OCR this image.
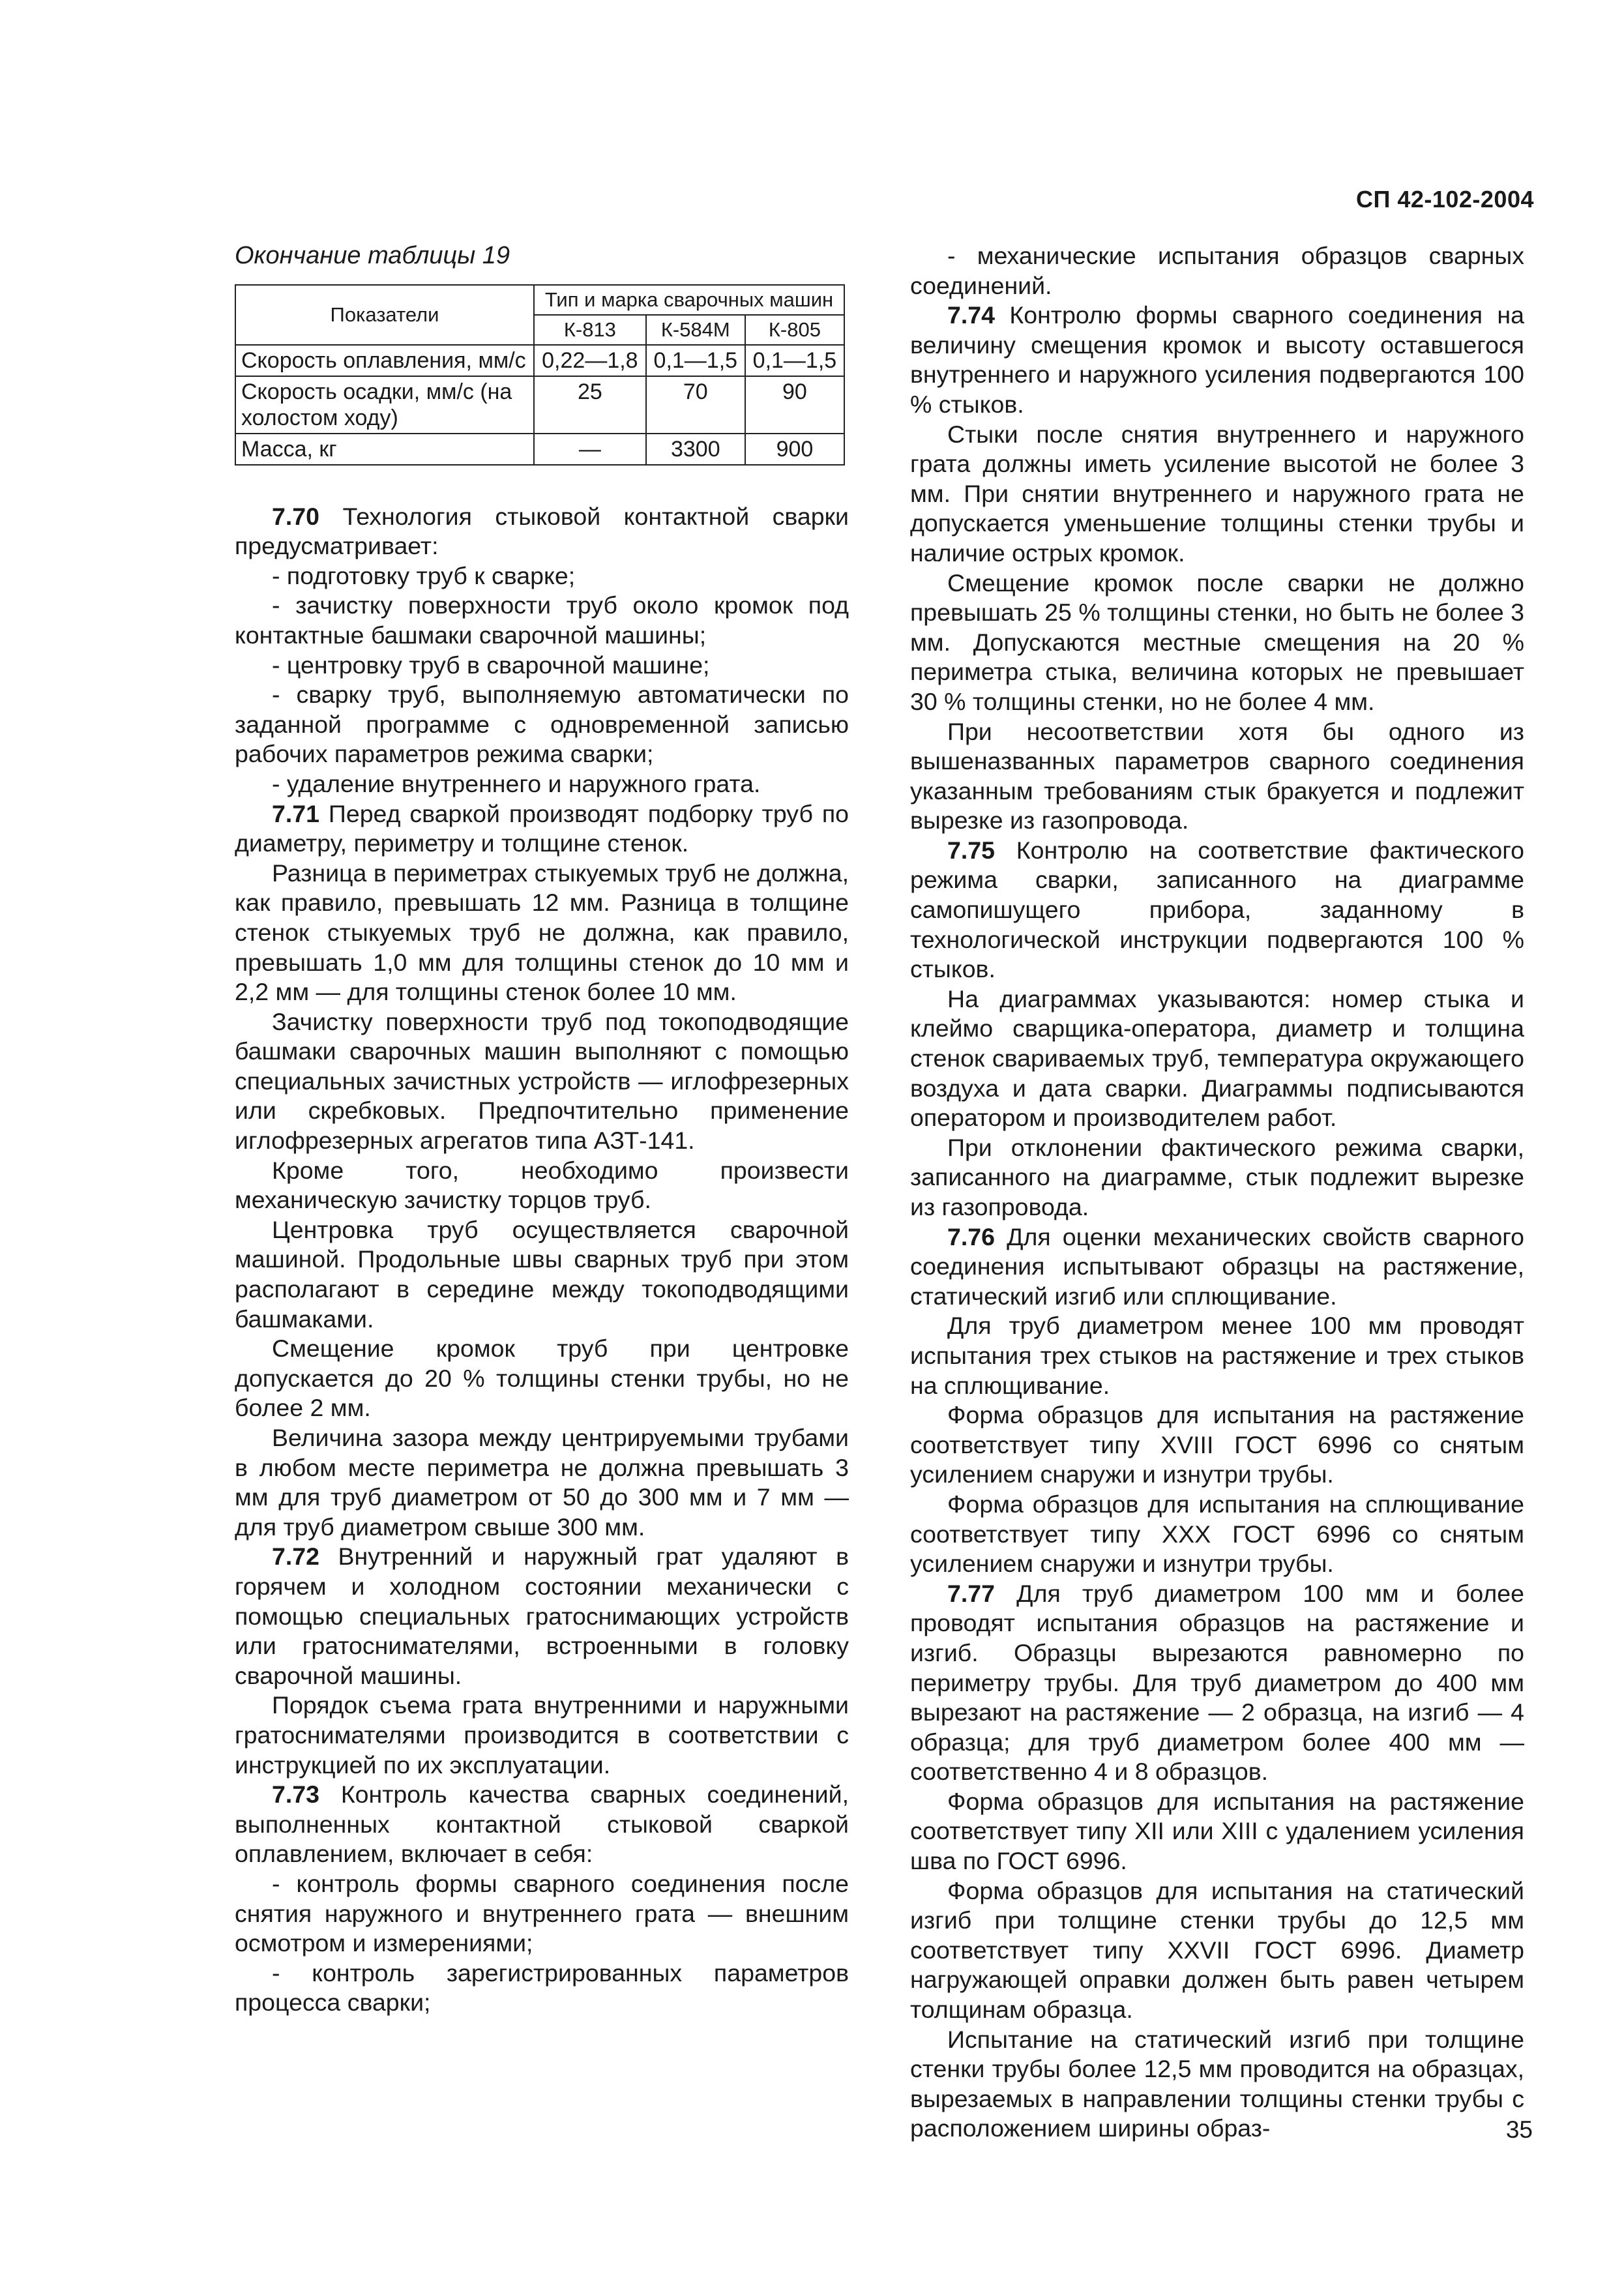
СП 42-102-2004
Окончание таблицы 19
Показатели	Тип и марка сварочных машин		
	К-813	К-584М	К-805
Скорость оплавления, мм/с	0,22—1,8	0,1—1,5	0,1—1,5
Скорость осадки, мм/с (на холостом ходу)	25	70	90
Масса, кг	—	3300	900

7.70 Технология стыковой контактной сварки предусматривает:

- подготовку труб к сварке;

- зачистку поверхности труб около кромок под контактные башмаки сварочной машины;

- центровку труб в сварочной машине;

- сварку труб, выполняемую автоматически по заданной программе с одновременной записью рабочих параметров режима сварки;

- удаление внутреннего и наружного грата.

7.71 Перед сваркой производят подборку труб по диаметру, периметру и толщине стенок.

Разница в периметрах стыкуемых труб не должна, как правило, превышать 12 мм. Разница в толщине стенок стыкуемых труб не должна, как правило, превышать 1,0 мм для толщины стенок до 10 мм и 2,2 мм — для толщины стенок более 10 мм.

Зачистку поверхности труб под токоподводящие башмаки сварочных машин выполняют с помощью специальных зачистных устройств — иглофрезерных или скребковых. Предпочтительно применение иглофрезерных агрегатов типа АЗТ-141.

Кроме того, необходимо произвести механическую зачистку торцов труб.

Центровка труб осуществляется сварочной машиной. Продольные швы сварных труб при этом располагают в середине между токоподводящими башмаками.

Смещение кромок труб при центровке допускается до 20 % толщины стенки трубы, но не более 2 мм.

Величина зазора между центрируемыми трубами в любом месте периметра не должна превышать 3 мм для труб диаметром от 50 до 300 мм и 7 мм — для труб диаметром свыше 300 мм.

7.72 Внутренний и наружный грат удаляют в горячем и холодном состоянии механически с помощью специальных гратоснимающих устройств или гратоснимателями, встроенными в головку сварочной машины.

Порядок съема грата внутренними и наружными гратоснимателями производится в соответствии с инструкцией по их эксплуатации.

7.73 Контроль качества сварных соединений, выполненных контактной стыковой сваркой оплавлением, включает в себя:

- контроль формы сварного соединения после снятия наружного и внутреннего грата — внешним осмотром и измерениями;

- контроль зарегистрированных параметров процесса сварки;

- механические испытания образцов сварных соединений.

7.74 Контролю формы сварного соединения на величину смещения кромок и высоту оставшегося внутреннего и наружного усиления подвергаются 100 % стыков.

Стыки после снятия внутреннего и наружного грата должны иметь усиление высотой не более 3 мм. При снятии внутреннего и наружного грата не допускается уменьшение толщины стенки трубы и наличие острых кромок.

Смещение кромок после сварки не должно превышать 25 % толщины стенки, но быть не более 3 мм. Допускаются местные смещения на 20 % периметра стыка, величина которых не превышает 30 % толщины стенки, но не более 4 мм.

При несоответствии хотя бы одного из вышеназванных параметров сварного соединения указанным требованиям стык бракуется и подлежит вырезке из газопровода.

7.75 Контролю на соответствие фактического режима сварки, записанного на диаграмме самопишущего прибора, заданному в технологической инструкции подвергаются 100 % стыков.

На диаграммах указываются: номер стыка и клеймо сварщика-оператора, диаметр и толщина стенок свариваемых труб, температура окружающего воздуха и дата сварки. Диаграммы подписываются оператором и производителем работ.

При отклонении фактического режима сварки, записанного на диаграмме, стык подлежит вырезке из газопровода.

7.76 Для оценки механических свойств сварного соединения испытывают образцы на растяжение, статический изгиб или сплющивание.

Для труб диаметром менее 100 мм проводят испытания трех стыков на растяжение и трех стыков на сплющивание.

Форма образцов для испытания на растяжение соответствует типу XVIII ГОСТ 6996 со снятым усилением снаружи и изнутри трубы.

Форма образцов для испытания на сплющивание соответствует типу XXX ГОСТ 6996 со снятым усилением снаружи и изнутри трубы.

7.77 Для труб диаметром 100 мм и более проводят испытания образцов на растяжение и изгиб. Образцы вырезаются равномерно по периметру трубы. Для труб диаметром до 400 мм вырезают на растяжение — 2 образца, на изгиб — 4 образца; для труб диаметром более 400 мм — соответственно 4 и 8 образцов.

Форма образцов для испытания на растяжение соответствует типу XII или XIII с удалением усиления шва по ГОСТ 6996.

Форма образцов для испытания на статический изгиб при толщине стенки трубы до 12,5 мм соответствует типу XXVII ГОСТ 6996. Диаметр нагружающей оправки должен быть равен четырем толщинам образца.

Испытание на статический изгиб при толщине стенки трубы более 12,5 мм проводится на образцах, вырезаемых в направлении толщины стенки трубы с расположением ширины образ-	35
